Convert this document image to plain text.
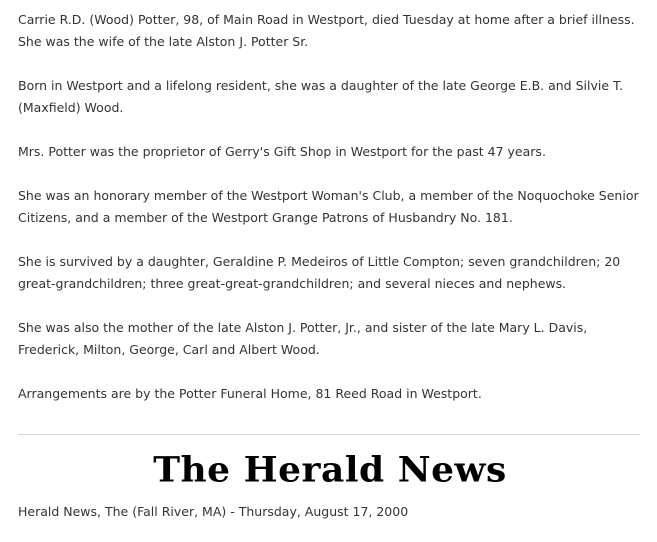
Carrie R.D. (Wood) Potter, 98, of Main Road in Westport, died Tuesday at home after a brief illness.
She was the wife of the late Alston J. Potter Sr.

Born in Westport and a lifelong resident, she was a daughter of the late George E.B. and Silvie T.
(Maxfield) Wood.

Mrs. Potter was the proprietor of Gerry's Gift Shop in Westport for the past 47 years.

She was an honorary member of the Westport Woman's Club, a member of the Noquochoke Senior
Citizens, and a member of the Westport Grange Patrons of Husbandry No. 181.

She is survived by a daughter, Geraldine P. Medeiros of Little Compton; seven grandchildren; 20
great-grandchildren; three great-great-grandchildren; and several nieces and nephews.

She was also the mother of the late Alston J. Potter, Jr., and sister of the late Mary L. Davis,
Frederick, Milton, George, Carl and Albert Wood.

Arrangements are by the Potter Funeral Home, 81 Reed Road in Westport.

The Herald News
Herald News, The (Fall River, MA) - Thursday, August 17, 2000
